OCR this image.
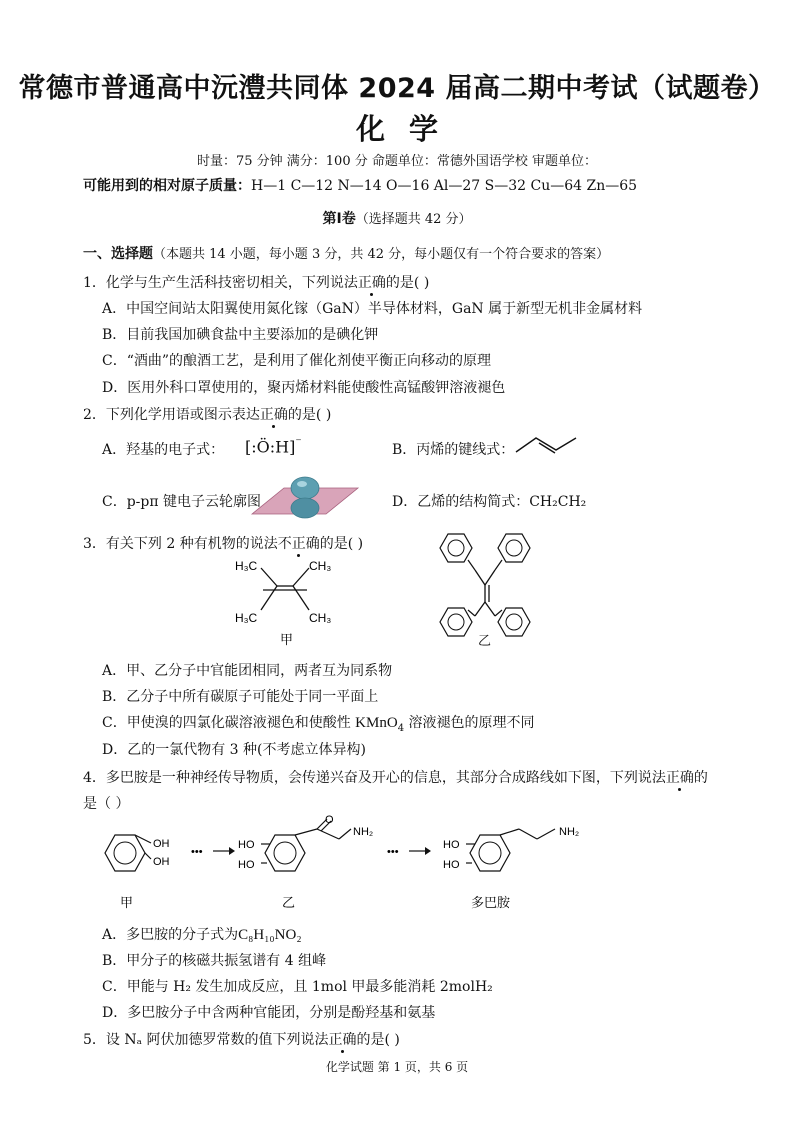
常德市普通高中沅澧共同体 2024 届高二期中考试（试题卷）
化学
时量：75 分钟 满分：100 分 命题单位：常德外国语学校 审题单位：
可能用到的相对原子质量：H—1 C—12 N—14 O—16 Al—27 S—32 Cu—64 Zn—65
第Ⅰ卷（选择题共 42 分）
一、选择题（本题共 14 小题，每小题 3 分，共 42 分，每小题仅有一个符合要求的答案）
1．化学与生产生活科技密切相关，下列说法正确的是( )
A．中国空间站太阳翼使用氮化镓（GaN）半导体材料，GaN 属于新型无机非金属材料
B．目前我国加碘食盐中主要添加的是碘化钾
C．“酒曲”的酿酒工艺，是利用了催化剂使平衡正向移动的原理
D．医用外科口罩使用的，聚丙烯材料能使酸性高锰酸钾溶液褪色
2．下列化学用语或图示表达正确的是( )
A．羟基的电子式： [:Ö:H]⁻	B．丙烯的键线式：
C．p-pπ 键电子云轮廓图	D．乙烯的结构简式：CH₂CH₂
3．有关下列 2 种有机物的说法不正确的是( )
H₃C	CH₃
H₃C	CH₃
甲	乙
A．甲、乙分子中官能团相同，两者互为同系物
B．乙分子中所有碳原子可能处于同一平面上
C．甲使溴的四氯化碳溶液褪色和使酸性 KMnO$_4$ 溶液褪色的原理不同
D．乙的一氯代物有 3 种(不考虑立体异构)
4．多巴胺是一种神经传导物质，会传递兴奋及开心的信息，其部分合成路线如下图，下列说法正确的
是（ ）
OH
OH
•••
HO
HO
O
NH₂
•••
HO
HO
NH₂
甲	乙	多巴胺
A．多巴胺的分子式为C₈H₁₀NO₂
B．甲分子的核磁共振氢谱有 4 组峰
C．甲能与 H₂ 发生加成反应，且 1mol 甲最多能消耗 2molH₂
D．多巴胺分子中含两种官能团，分别是酚羟基和氨基
5．设 Nₐ 阿伏加德罗常数的值下列说法正确的是( )
化学试题 第 1 页，共 6 页
